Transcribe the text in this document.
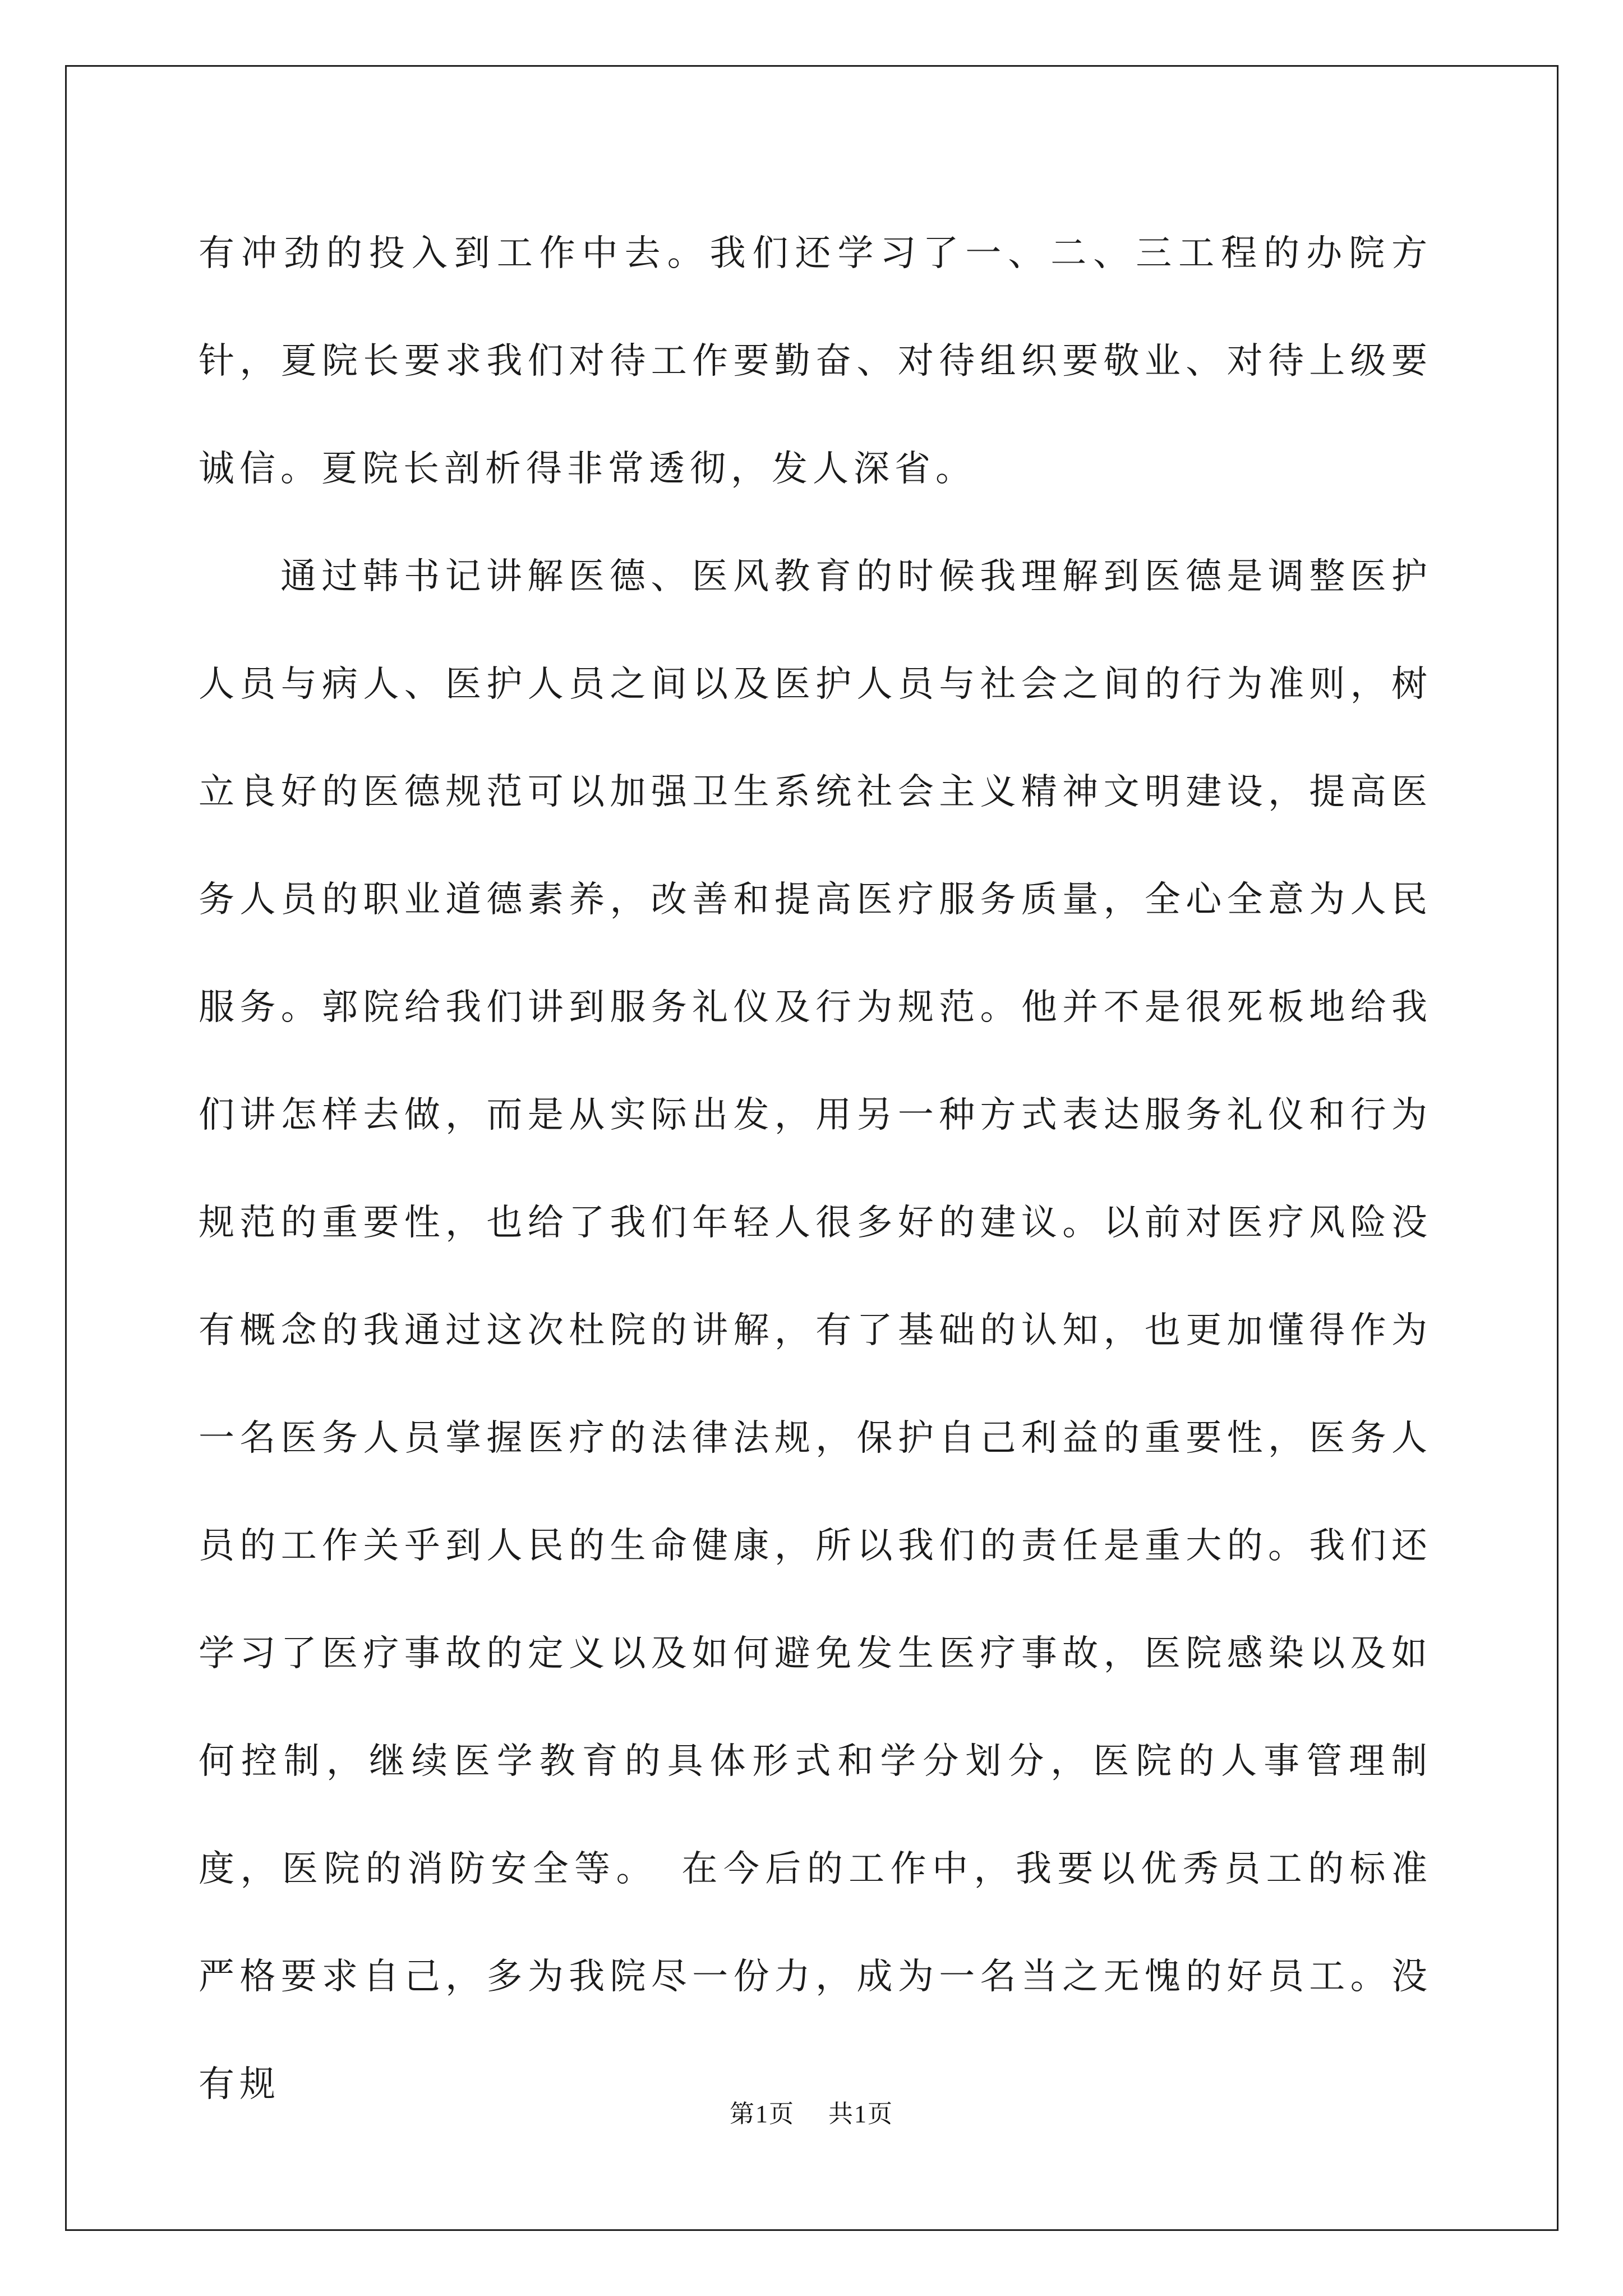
有冲劲的投入到工作中去。我们还学习了一、二、三工程的办院方针，夏院长要求我们对待工作要勤奋、对待组织要敬业、对待上级要诚信。夏院长剖析得非常透彻，发人深省。

通过韩书记讲解医德、医风教育的时候我理解到医德是调整医护人员与病人、医护人员之间以及医护人员与社会之间的行为准则，树立良好的医德规范可以加强卫生系统社会主义精神文明建设，提高医务人员的职业道德素养，改善和提高医疗服务质量，全心全意为人民服务。郭院给我们讲到服务礼仪及行为规范。他并不是很死板地给我们讲怎样去做，而是从实际出发，用另一种方式表达服务礼仪和行为规范的重要性，也给了我们年轻人很多好的建议。以前对医疗风险没有概念的我通过这次杜院的讲解，有了基础的认知，也更加懂得作为一名医务人员掌握医疗的法律法规，保护自己利益的重要性，医务人员的工作关乎到人民的生命健康，所以我们的责任是重大的。我们还学习了医疗事故的定义以及如何避免发生医疗事故，医院感染以及如何控制，继续医学教育的具体形式和学分划分，医院的人事管理制度，医院的消防安全等。　在今后的工作中，我要以优秀员工的标准严格要求自己，多为我院尽一份力，成为一名当之无愧的好员工。没有规

第1页 共1页
